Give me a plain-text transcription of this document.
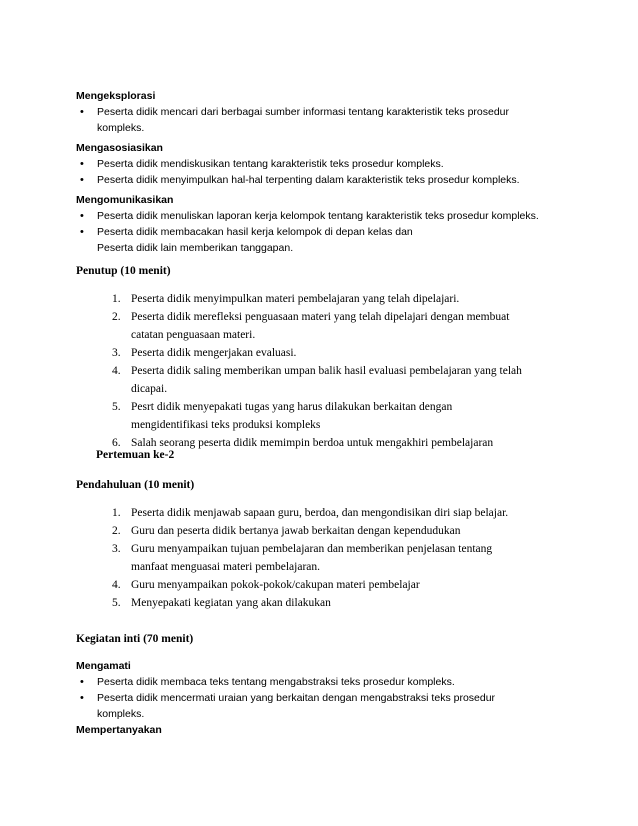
Mengeksplorasi

• Peserta didik mencari dari berbagai sumber informasi tentang karakteristik teks prosedur
kompleks.

Mengasosiasikan

• Peserta didik mendiskusikan tentang karakteristik teks prosedur kompleks.
• Peserta didik menyimpulkan hal-hal terpenting dalam karakteristik teks prosedur kompleks.

Mengomunikasikan

• Peserta didik menuliskan laporan kerja kelompok tentang karakteristik teks prosedur kompleks.
• Peserta didik membacakan hasil kerja kelompok di depan kelas dan
Peserta didik lain memberikan tanggapan.

Penutup (10 menit)

1. Peserta didik menyimpulkan materi pembelajaran yang telah dipelajari.
2. Peserta didik merefleksi penguasaan materi yang telah dipelajari dengan membuat
catatan penguasaan materi.
3. Peserta didik mengerjakan evaluasi.
4. Peserta didik saling memberikan umpan balik hasil evaluasi pembelajaran yang telah
dicapai.
5. Pesrt didik menyepakati tugas yang harus dilakukan berkaitan dengan
mengidentifikasi teks produksi kompleks
6. Salah seorang peserta didik memimpin berdoa untuk mengakhiri pembelajaran

Pertemuan ke-2

Pendahuluan (10 menit)

1. Peserta didik menjawab sapaan guru, berdoa, dan mengondisikan diri siap belajar.
2. Guru dan peserta didik bertanya jawab berkaitan dengan kependudukan
3. Guru menyampaikan tujuan pembelajaran dan memberikan penjelasan tentang
manfaat menguasai materi pembelajaran.
4. Guru menyampaikan pokok-pokok/cakupan materi pembelajar
5. Menyepakati kegiatan yang akan dilakukan

Kegiatan inti (70 menit)

Mengamati

• Peserta didik membaca teks tentang mengabstraksi teks prosedur kompleks.
• Peserta didik mencermati uraian yang berkaitan dengan mengabstraksi teks prosedur
kompleks.

Mempertanyakan
